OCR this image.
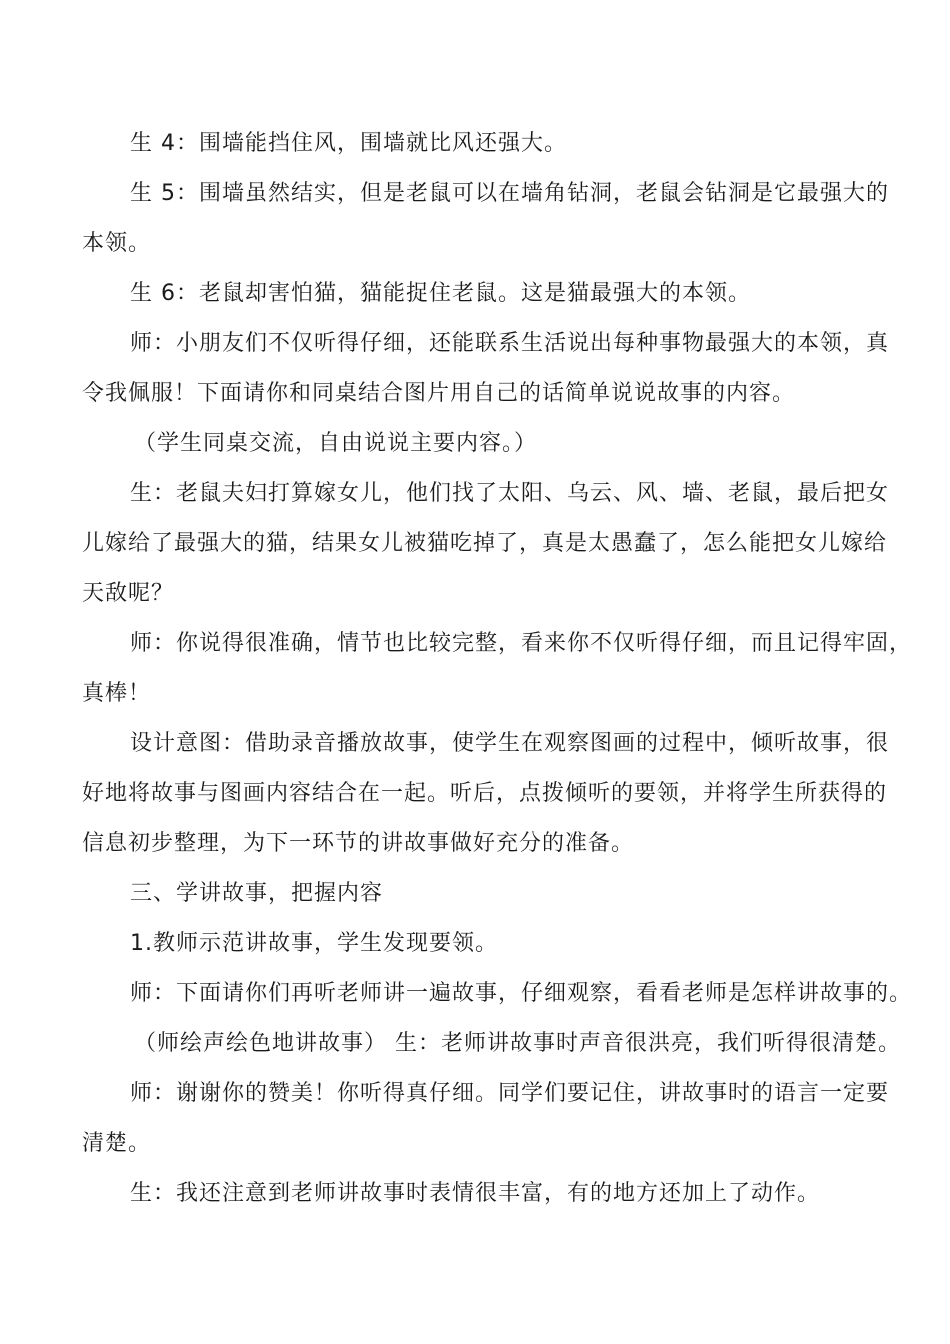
生 4：围墙能挡住风，围墙就比风还强大。

生 5：围墙虽然结实，但是老鼠可以在墙角钻洞，老鼠会钻洞是它最强大的

本领。

生 6：老鼠却害怕猫，猫能捉住老鼠。这是猫最强大的本领。

师：小朋友们不仅听得仔细，还能联系生活说出每种事物最强大的本领，真

令我佩服！下面请你和同桌结合图片用自己的话简单说说故事的内容。

（学生同桌交流，自由说说主要内容。）

生：老鼠夫妇打算嫁女儿，他们找了太阳、乌云、风、墙、老鼠，最后把女

儿嫁给了最强大的猫，结果女儿被猫吃掉了，真是太愚蠢了，怎么能把女儿嫁给

天敌呢？

师：你说得很准确，情节也比较完整，看来你不仅听得仔细，而且记得牢固，

真棒！

设计意图：借助录音播放故事，使学生在观察图画的过程中，倾听故事，很

好地将故事与图画内容结合在一起。听后，点拨倾听的要领，并将学生所获得的

信息初步整理，为下一环节的讲故事做好充分的准备。

三、学讲故事，把握内容

1.教师示范讲故事，学生发现要领。

师：下面请你们再听老师讲一遍故事，仔细观察，看看老师是怎样讲故事的。

（师绘声绘色地讲故事） 生：老师讲故事时声音很洪亮，我们听得很清楚。

师：谢谢你的赞美！你听得真仔细。同学们要记住，讲故事时的语言一定要

清楚。

生：我还注意到老师讲故事时表情很丰富，有的地方还加上了动作。
